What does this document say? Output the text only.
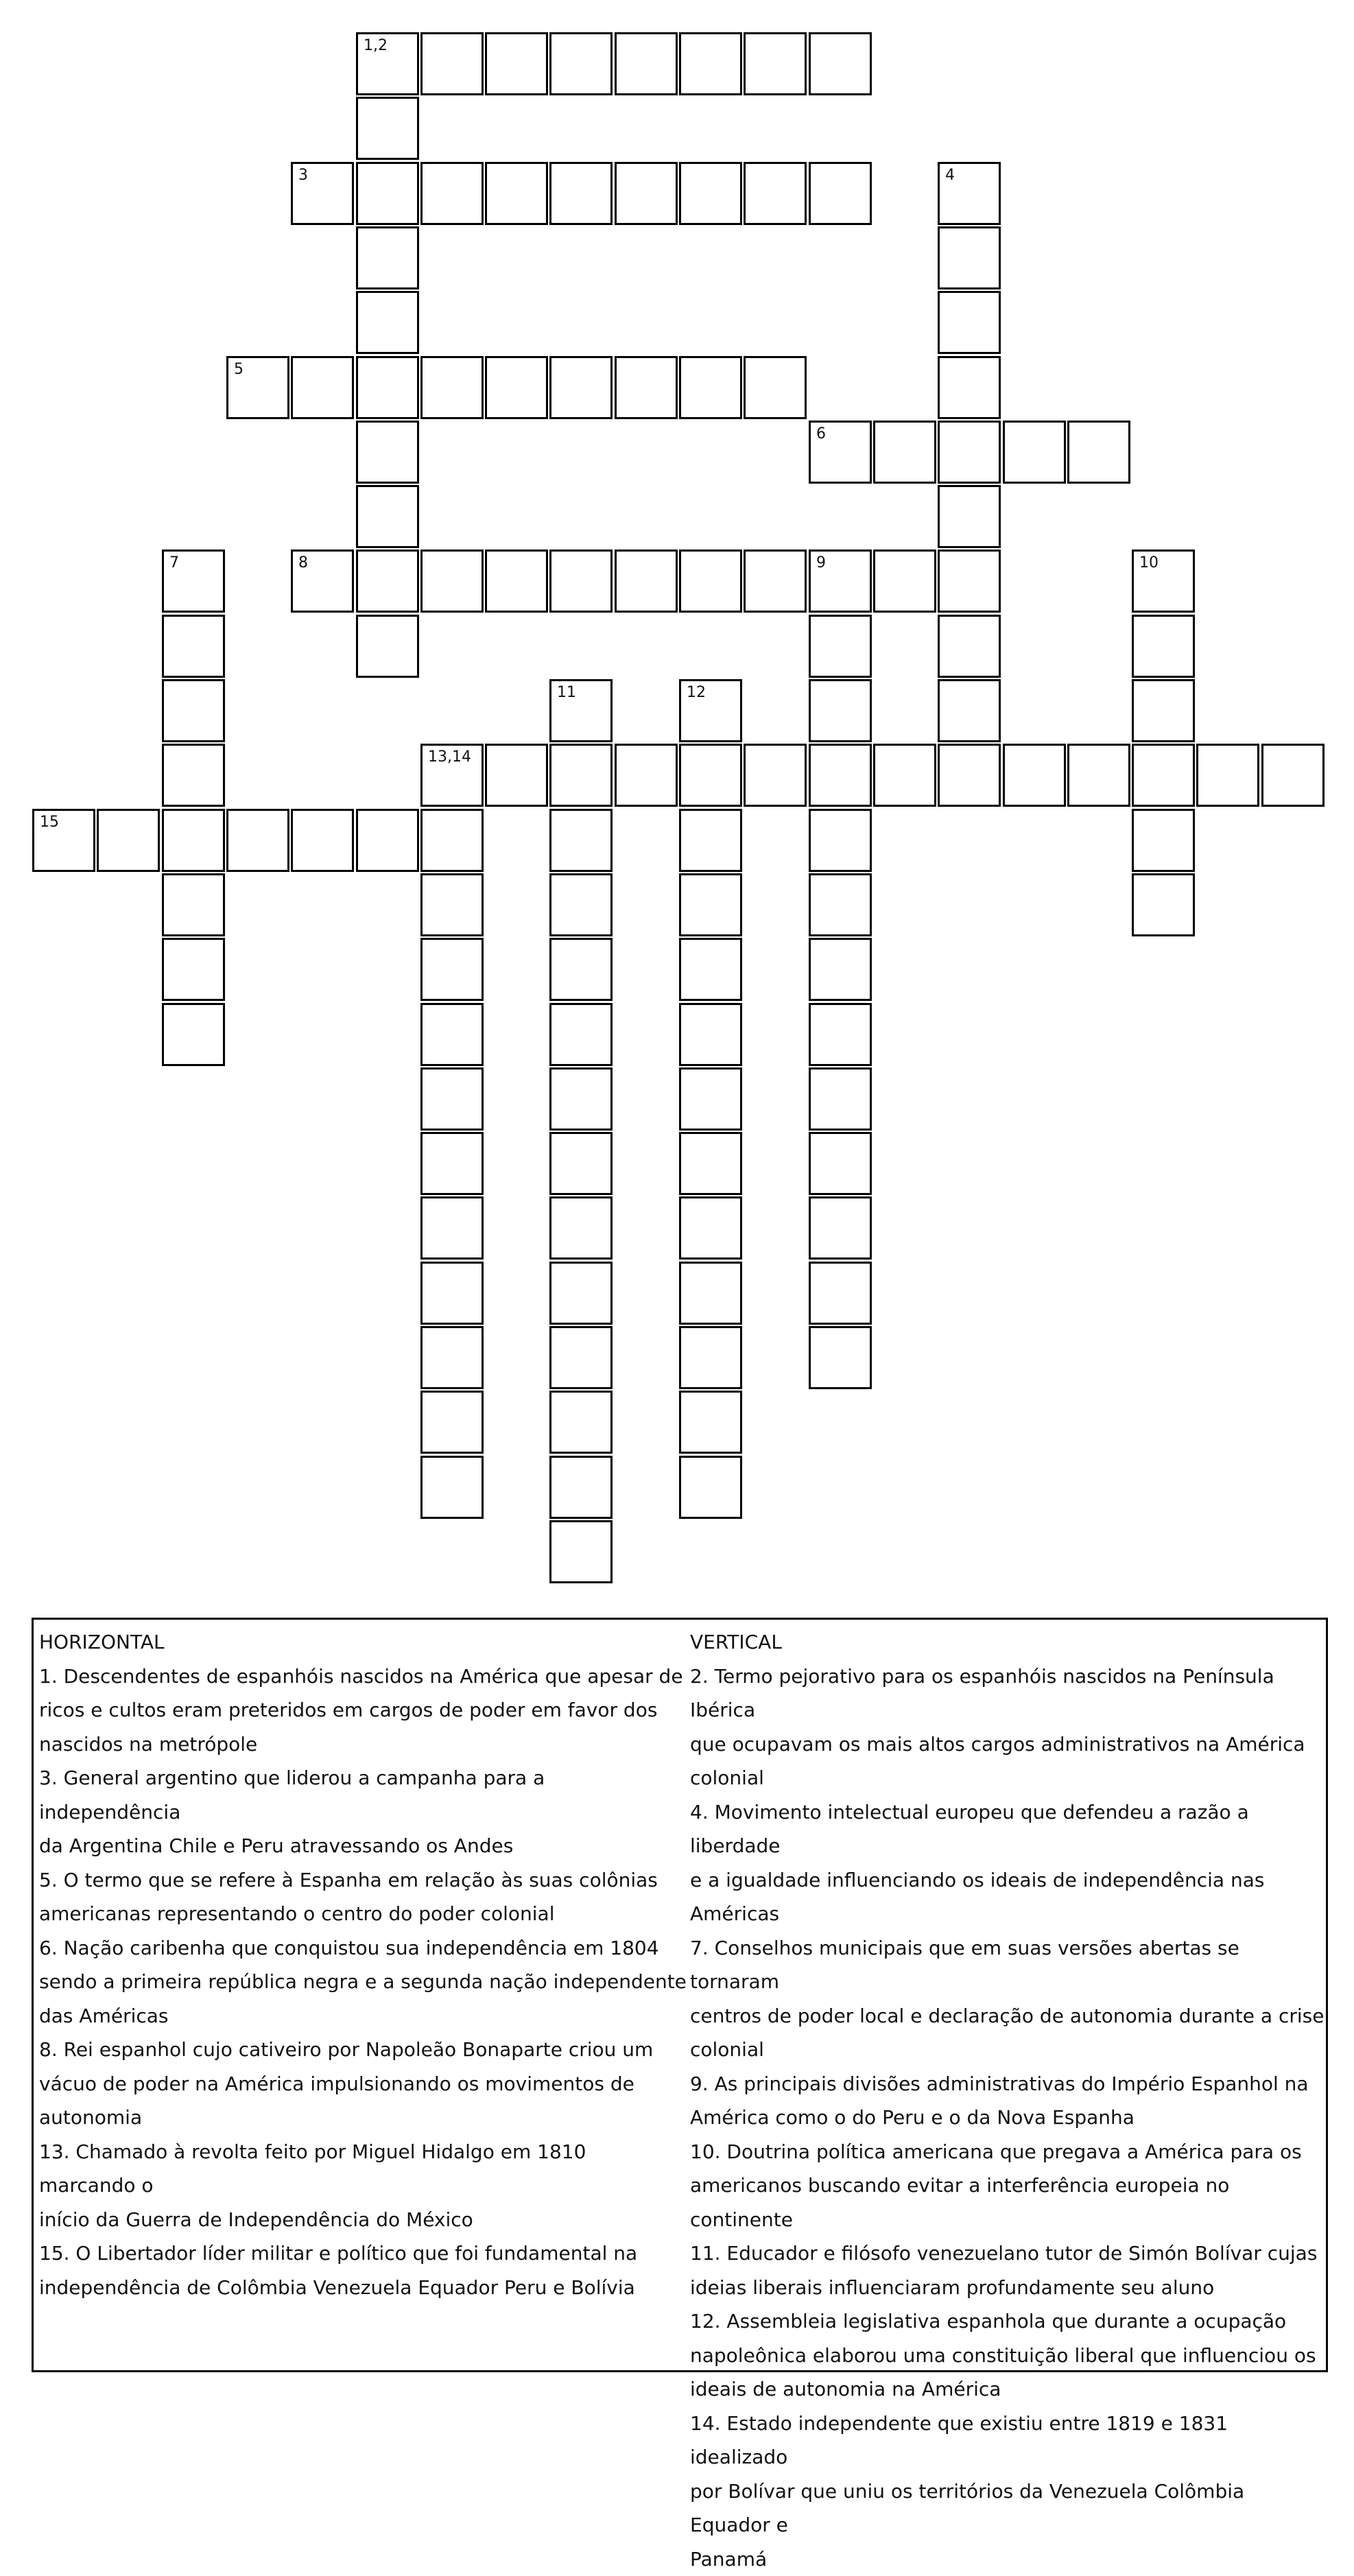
1,2
3	4
5
6
7	8	9	10
11	12
13,14
15
HORIZONTAL
1. Descendentes de espanhóis nascidos na América que apesar de
ricos e cultos eram preteridos em cargos de poder em favor dos
nascidos na metrópole
3. General argentino que liderou a campanha para a independência
da Argentina Chile e Peru atravessando os Andes
5. O termo que se refere à Espanha em relação às suas colônias
americanas representando o centro do poder colonial
6. Nação caribenha que conquistou sua independência em 1804
sendo a primeira república negra e a segunda nação independente
das Américas
8. Rei espanhol cujo cativeiro por Napoleão Bonaparte criou um
vácuo de poder na América impulsionando os movimentos de
autonomia
13. Chamado à revolta feito por Miguel Hidalgo em 1810 marcando o
início da Guerra de Independência do México
15. O Libertador líder militar e político que foi fundamental na
independência de Colômbia Venezuela Equador Peru e Bolívia
VERTICAL
2. Termo pejorativo para os espanhóis nascidos na Península Ibérica
que ocupavam os mais altos cargos administrativos na América
colonial
4. Movimento intelectual europeu que defendeu a razão a liberdade
e a igualdade influenciando os ideais de independência nas Américas
7. Conselhos municipais que em suas versões abertas se tornaram
centros de poder local e declaração de autonomia durante a crise
colonial
9. As principais divisões administrativas do Império Espanhol na
América como o do Peru e o da Nova Espanha
10. Doutrina política americana que pregava a América para os
americanos buscando evitar a interferência europeia no continente
11. Educador e filósofo venezuelano tutor de Simón Bolívar cujas
ideias liberais influenciaram profundamente seu aluno
12. Assembleia legislativa espanhola que durante a ocupação
napoleônica elaborou uma constituição liberal que influenciou os
ideais de autonomia na América
14. Estado independente que existiu entre 1819 e 1831 idealizado
por Bolívar que uniu os territórios da Venezuela Colômbia Equador e
Panamá
